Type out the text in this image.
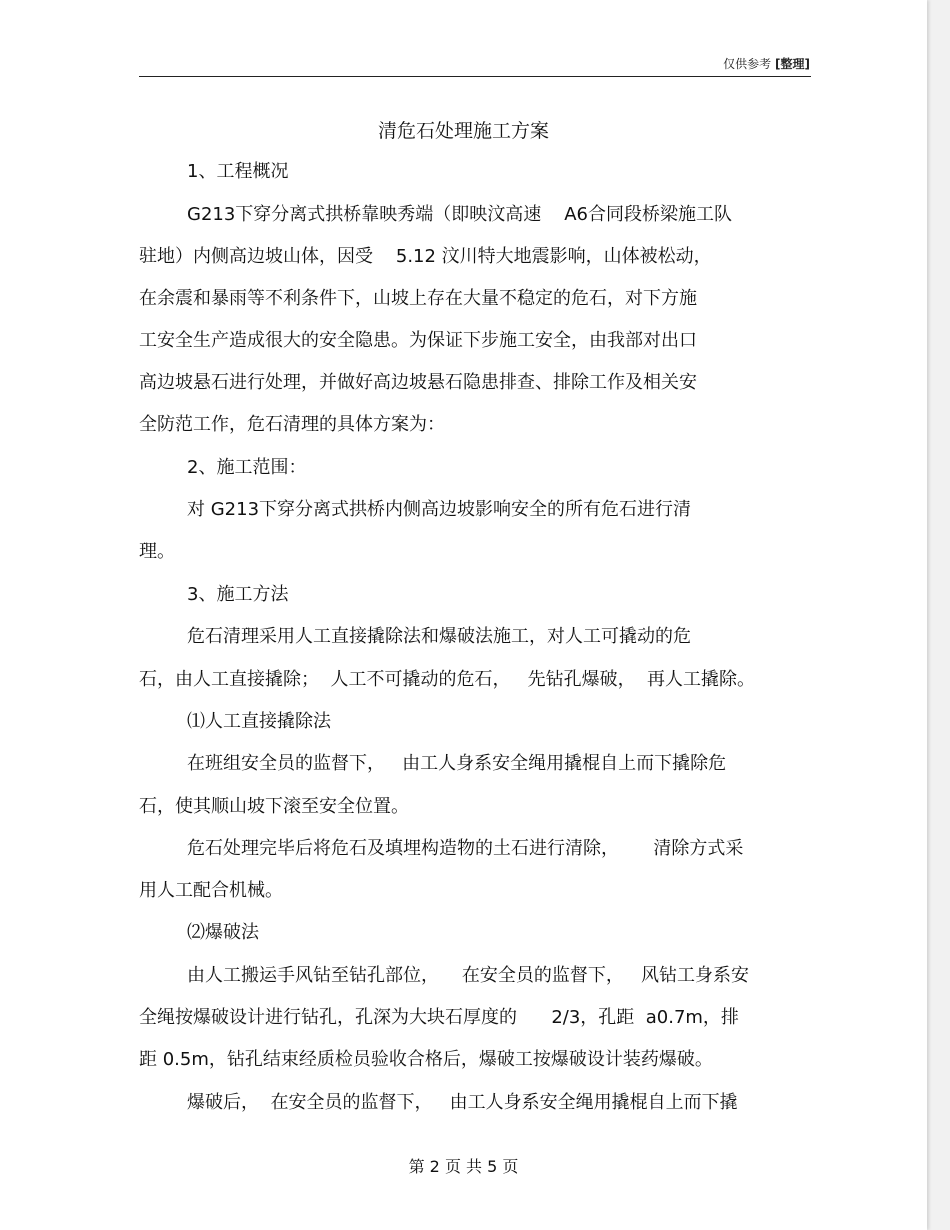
仅供参考 [整理]
清危石处理施工方案
1、工程概况
G213下穿分离式拱桥靠映秀端（即映汶高速    A6合同段桥梁施工队
驻地）内侧高边坡山体，因受    5.12 汶川特大地震影响，山体被松动，
在余震和暴雨等不利条件下，山坡上存在大量不稳定的危石，对下方施
工安全生产造成很大的安全隐患。为保证下步施工安全，由我部对出口
高边坡悬石进行处理，并做好高边坡悬石隐患排查、排除工作及相关安
全防范工作，危石清理的具体方案为：
2、施工范围：
对 G213下穿分离式拱桥内侧高边坡影响安全的所有危石进行清
理。
3、施工方法
危石清理采用人工直接撬除法和爆破法施工，对人工可撬动的危
石，由人工直接撬除；  人工不可撬动的危石，   先钻孔爆破，  再人工撬除。
⑴人工直接撬除法
在班组安全员的监督下，   由工人身系安全绳用撬棍自上而下撬除危
石，使其顺山坡下滚至安全位置。
危石处理完毕后将危石及填埋构造物的土石进行清除，      清除方式采
用人工配合机械。
⑵爆破法
由人工搬运手风钻至钻孔部位，    在安全员的监督下，   风钻工身系安
全绳按爆破设计进行钻孔，孔深为大块石厚度的      2/3，孔距  a0.7m，排
距 0.5m，钻孔结束经质检员验收合格后，爆破工按爆破设计装药爆破。
爆破后，  在安全员的监督下，   由工人身系安全绳用撬棍自上而下撬
第 2 页 共 5 页
